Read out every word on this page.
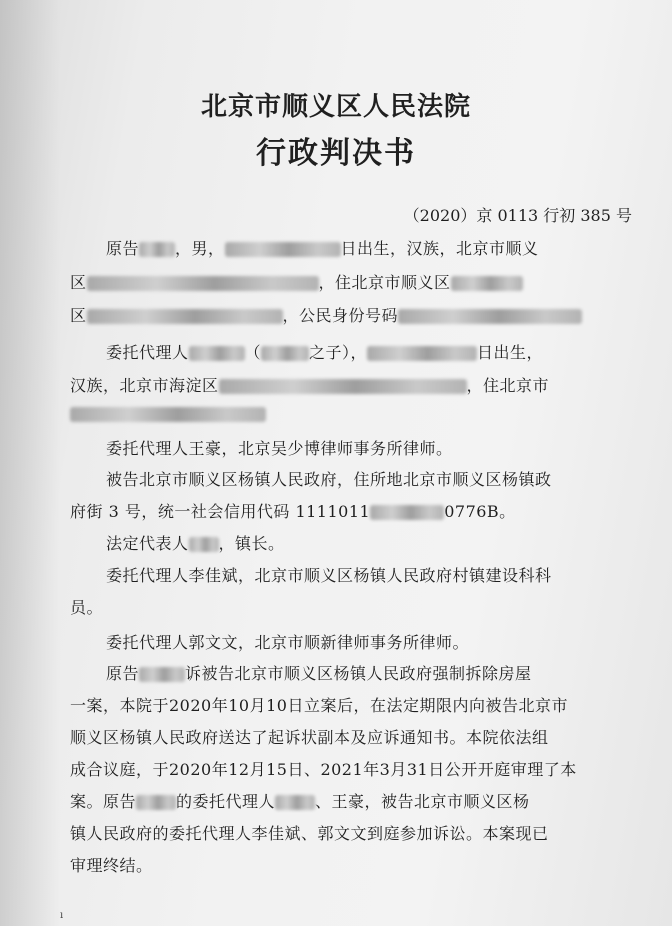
北京市顺义区人民法院
行政判决书
（2020）京 0113 行初 385 号
原告 ，男，	日出生，汉族，北京市顺义
区	，住北京市顺义区
区	，公民身份号码
委托代理人	（	之子），	日出生，
汉族，北京市海淀区	，住北京市
委托代理人王豪，北京吴少博律师事务所律师。
被告北京市顺义区杨镇人民政府，住所地北京市顺义区杨镇政
府街 3 号，统一社会信用代码 1111011	0776B。
法定代表人 ，镇长。
委托代理人李佳斌，北京市顺义区杨镇人民政府村镇建设科科
员。
委托代理人郭文文，北京市顺新律师事务所律师。
原告	诉被告北京市顺义区杨镇人民政府强制拆除房屋
一案，本院于2020年10月10日立案后，在法定期限内向被告北京市
顺义区杨镇人民政府送达了起诉状副本及应诉通知书。本院依法组
成合议庭，于2020年12月15日、2021年3月31日公开开庭审理了本
案。原告	的委托代理人	、王豪，被告北京市顺义区杨
镇人民政府的委托代理人李佳斌、郭文文到庭参加诉讼。本案现已
审理终结。
ı
